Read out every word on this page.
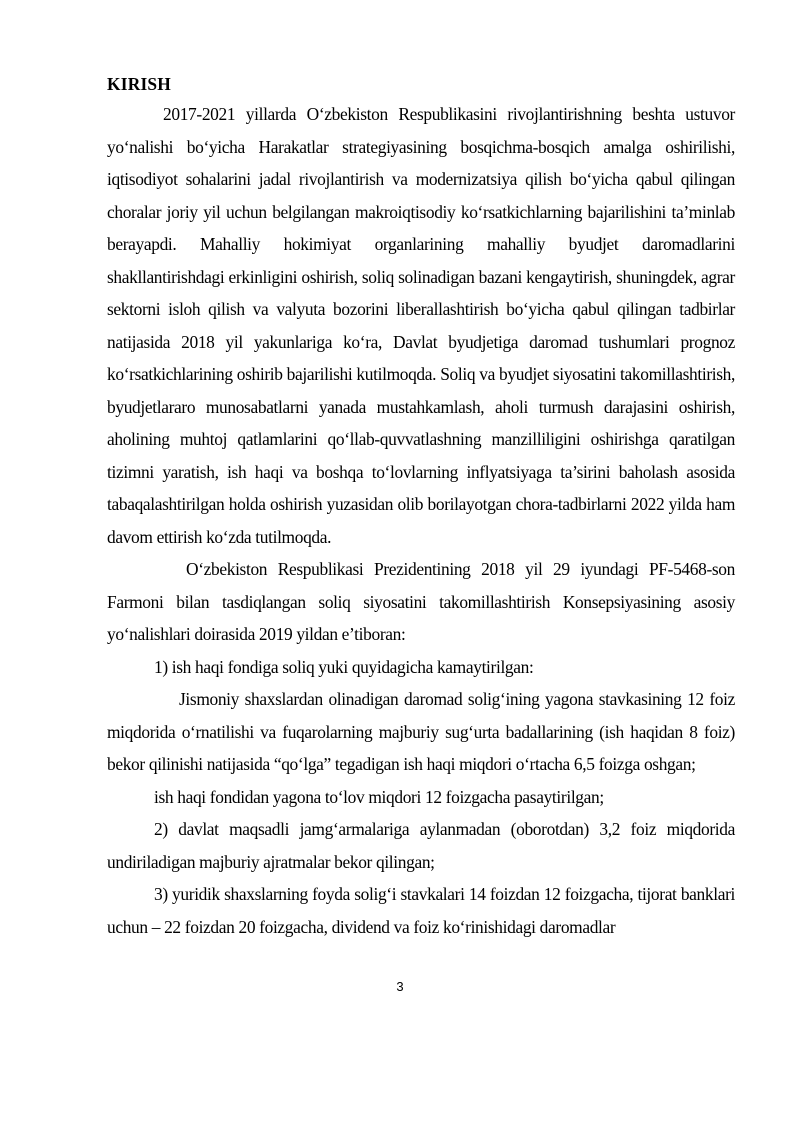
KIRISH

2017-2021 yillarda O‘zbekiston Respublikasini rivojlantirishning beshta ustuvor yo‘nalishi bo‘yicha Harakatlar strategiyasining bosqichma-bosqich amalga oshirilishi, iqtisodiyot sohalarini jadal rivojlantirish va modernizatsiya qilish bo‘yicha qabul qilingan choralar joriy yil uchun belgilangan makroiqtisodiy ko‘rsatkichlarning bajarilishini ta’minlab berayapdi. Mahalliy hokimiyat organlarining mahalliy byudjet daromadlarini shakllantirishdagi erkinligini oshirish, soliq solinadigan bazani kengaytirish, shuningdek, agrar sektorni isloh qilish va valyuta bozorini liberallashtirish bo‘yicha qabul qilingan tadbirlar natijasida 2018 yil yakunlariga ko‘ra, Davlat byudjetiga daromad tushumlari prognoz ko‘rsatkichlarining oshirib bajarilishi kutilmoqda. Soliq va byudjet siyosatini takomillashtirish, byudjetlararo munosabatlarni yanada mustahkamlash, aholi turmush darajasini oshirish, aholining muhtoj qatlamlarini qo‘llab-quvvatlashning manzilliligini oshirishga qaratilgan tizimni yaratish, ish haqi va boshqa to‘lovlarning inflyatsiyaga ta’sirini baholash asosida tabaqalashtirilgan holda oshirish yuzasidan olib borilayotgan chora-tadbirlarni 2022 yilda ham davom ettirish ko‘zda tutilmoqda.

O‘zbekiston Respublikasi Prezidentining 2018 yil 29 iyundagi PF-5468-son Farmoni bilan tasdiqlangan soliq siyosatini takomillashtirish Konsepsiyasining asosiy yo‘nalishlari doirasida 2019 yildan e’tiboran:

1) ish haqi fondiga soliq yuki quyidagicha kamaytirilgan:

Jismoniy shaxslardan olinadigan daromad solig‘ining yagona stavkasining 12 foiz miqdorida o‘rnatilishi va fuqarolarning majburiy sug‘urta badallarining (ish haqidan 8 foiz) bekor qilinishi natijasida “qo‘lga” tegadigan ish haqi miqdori o‘rtacha 6,5 foizga oshgan;

ish haqi fondidan yagona to‘lov miqdori 12 foizgacha pasaytirilgan;

2) davlat maqsadli jamg‘armalariga aylanmadan (oborotdan) 3,2 foiz miqdorida undiriladigan majburiy ajratmalar bekor qilingan;

3) yuridik shaxslarning foyda solig‘i stavkalari 14 foizdan 12 foizgacha, tijorat banklari uchun – 22 foizdan 20 foizgacha, dividend va foiz ko‘rinishidagi daromadlar

3
